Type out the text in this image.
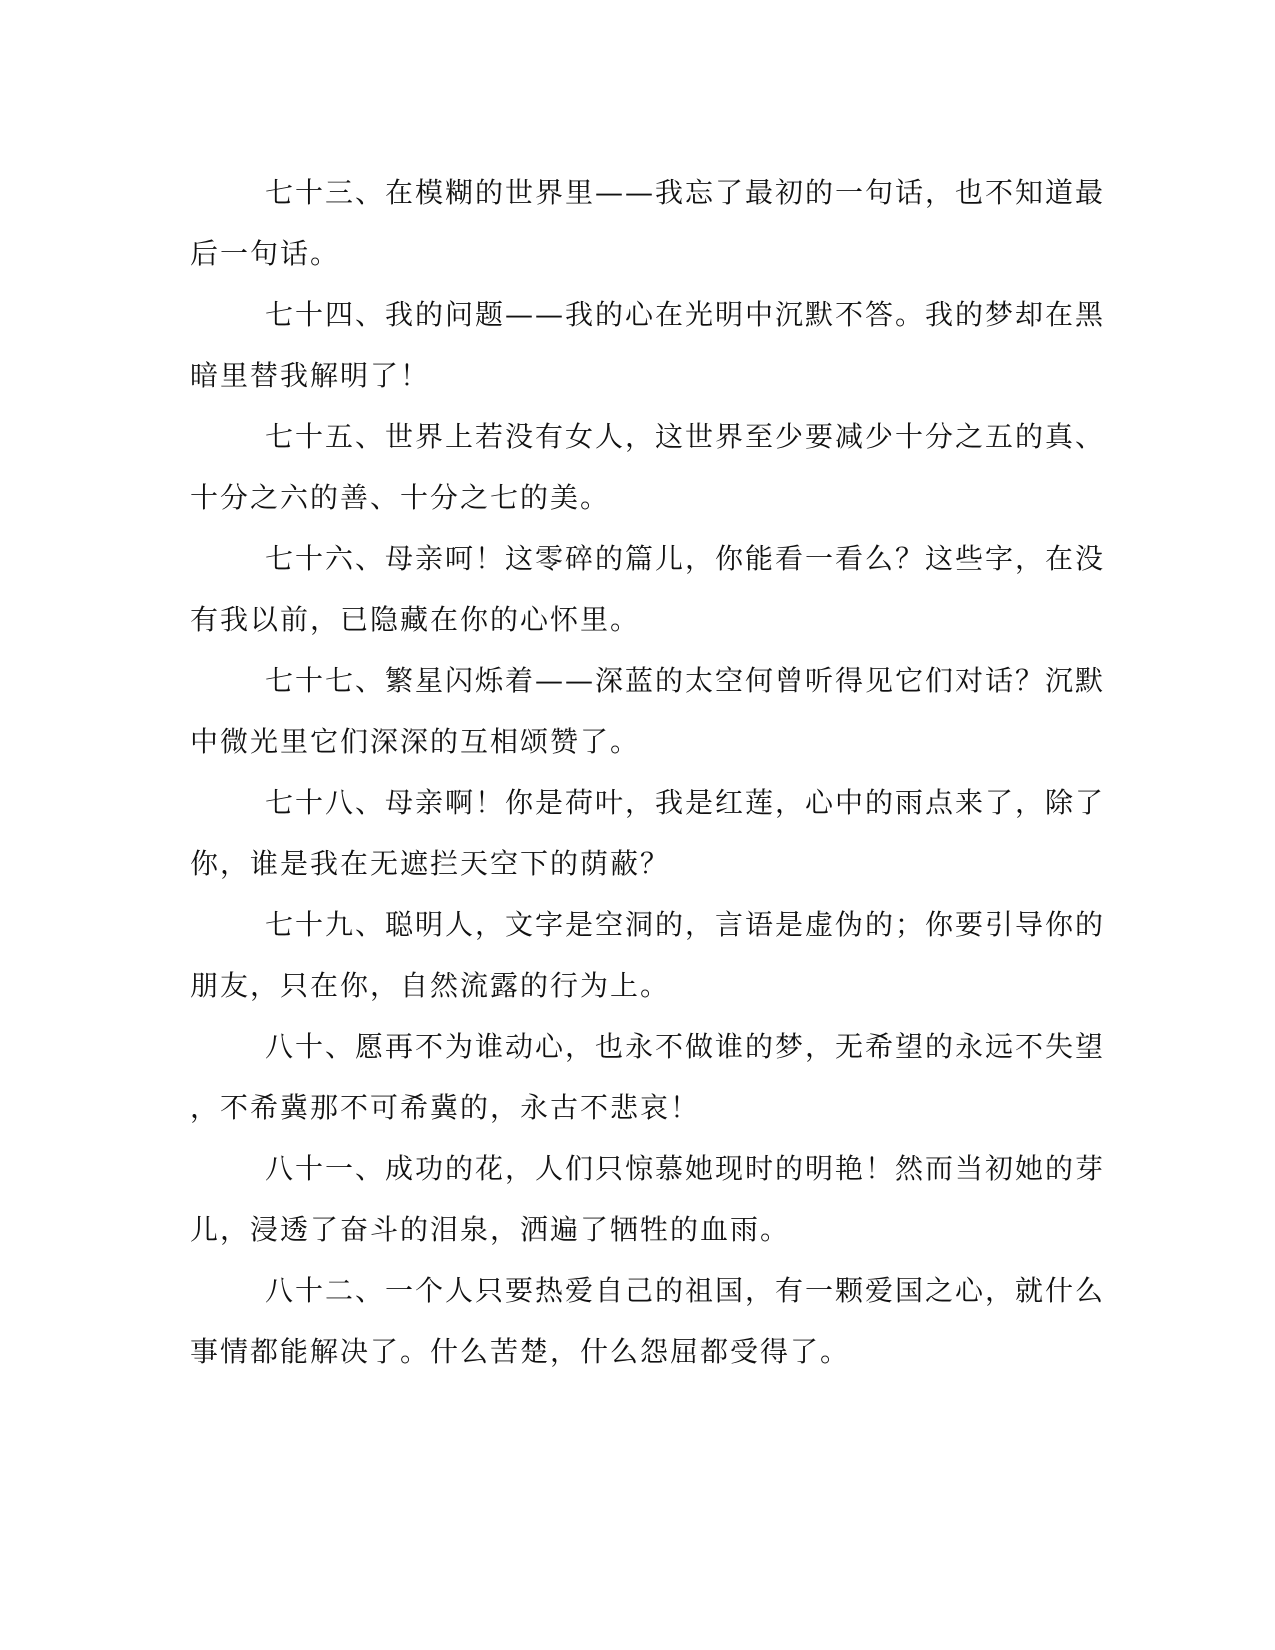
七十三、在模糊的世界里——我忘了最初的一句话，也不知道最
后一句话。

七十四、我的问题——我的心在光明中沉默不答。我的梦却在黑
暗里替我解明了！

七十五、世界上若没有女人，这世界至少要减少十分之五的真、
十分之六的善、十分之七的美。

七十六、母亲呵！这零碎的篇儿，你能看一看么？这些字，在没
有我以前，已隐藏在你的心怀里。

七十七、繁星闪烁着——深蓝的太空何曾听得见它们对话？沉默
中微光里它们深深的互相颂赞了。

七十八、母亲啊！你是荷叶，我是红莲，心中的雨点来了，除了
你，谁是我在无遮拦天空下的荫蔽？

七十九、聪明人，文字是空洞的，言语是虚伪的；你要引导你的
朋友，只在你，自然流露的行为上。

八十、愿再不为谁动心，也永不做谁的梦，无希望的永远不失望
，不希冀那不可希冀的，永古不悲哀！

八十一、成功的花，人们只惊慕她现时的明艳！然而当初她的芽
儿，浸透了奋斗的泪泉，洒遍了牺牲的血雨。

八十二、一个人只要热爱自己的祖国，有一颗爱国之心，就什么
事情都能解决了。什么苦楚，什么怨屈都受得了。
